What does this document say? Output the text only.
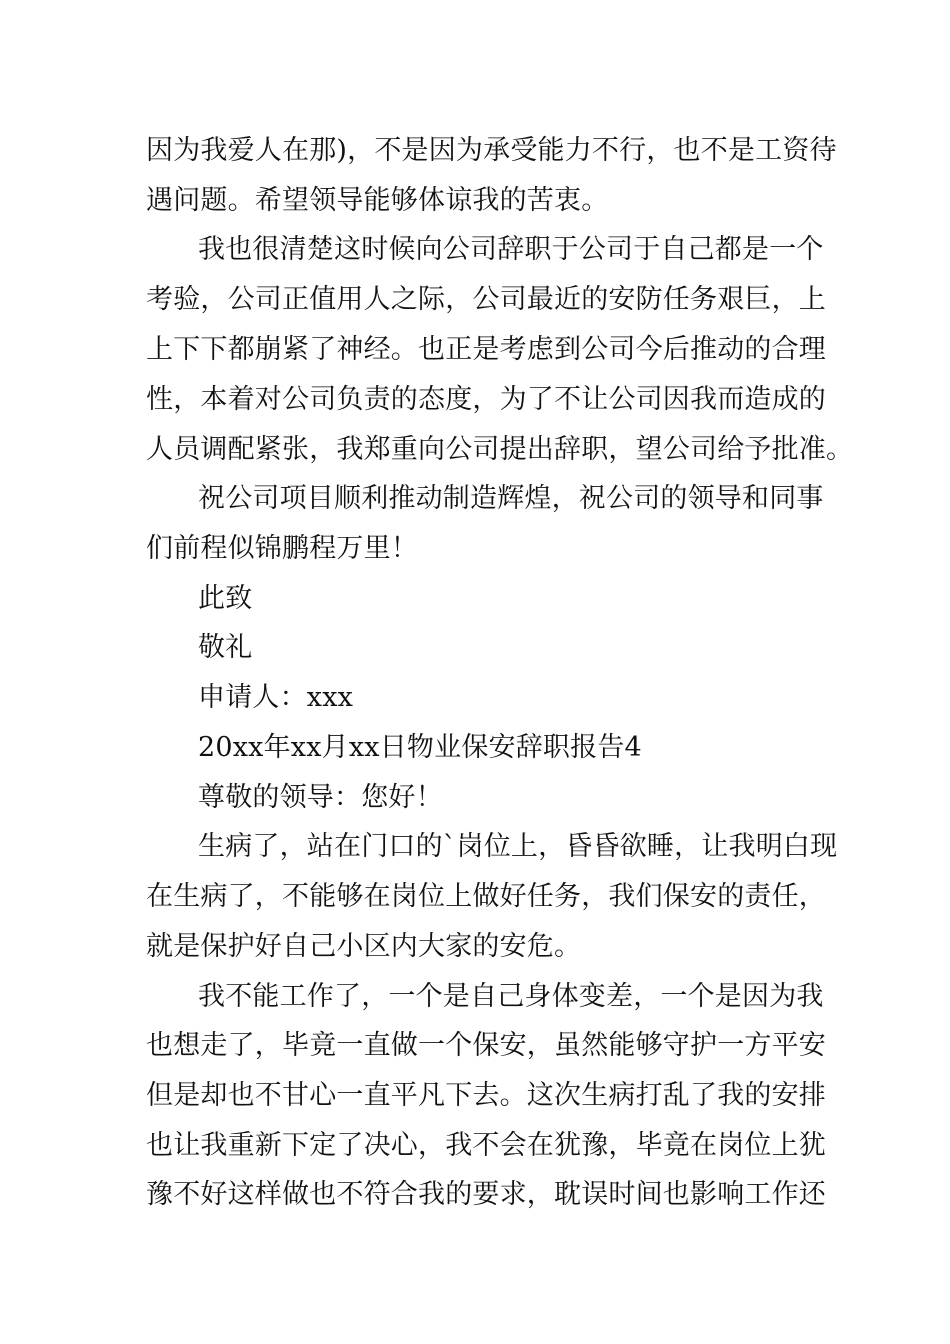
因为我爱人在那)，不是因为承受能力不行，也不是工资待
遇问题。希望领导能够体谅我的苦衷。
我也很清楚这时候向公司辞职于公司于自己都是一个
考验，公司正值用人之际，公司最近的安防任务艰巨，上
上下下都崩紧了神经。也正是考虑到公司今后推动的合理
性，本着对公司负责的态度，为了不让公司因我而造成的
人员调配紧张，我郑重向公司提出辞职，望公司给予批准。
祝公司项目顺利推动制造辉煌，祝公司的领导和同事
们前程似锦鹏程万里！
此致
敬礼
申请人：xxx
20xx年xx月xx日物业保安辞职报告4
尊敬的领导：您好！
生病了，站在门口的`岗位上，昏昏欲睡，让我明白现
在生病了，不能够在岗位上做好任务，我们保安的责任，
就是保护好自己小区内大家的安危。
我不能工作了，一个是自己身体变差，一个是因为我
也想走了，毕竟一直做一个保安，虽然能够守护一方平安
但是却也不甘心一直平凡下去。这次生病打乱了我的安排
也让我重新下定了决心，我不会在犹豫，毕竟在岗位上犹
豫不好这样做也不符合我的要求，耽误时间也影响工作还
